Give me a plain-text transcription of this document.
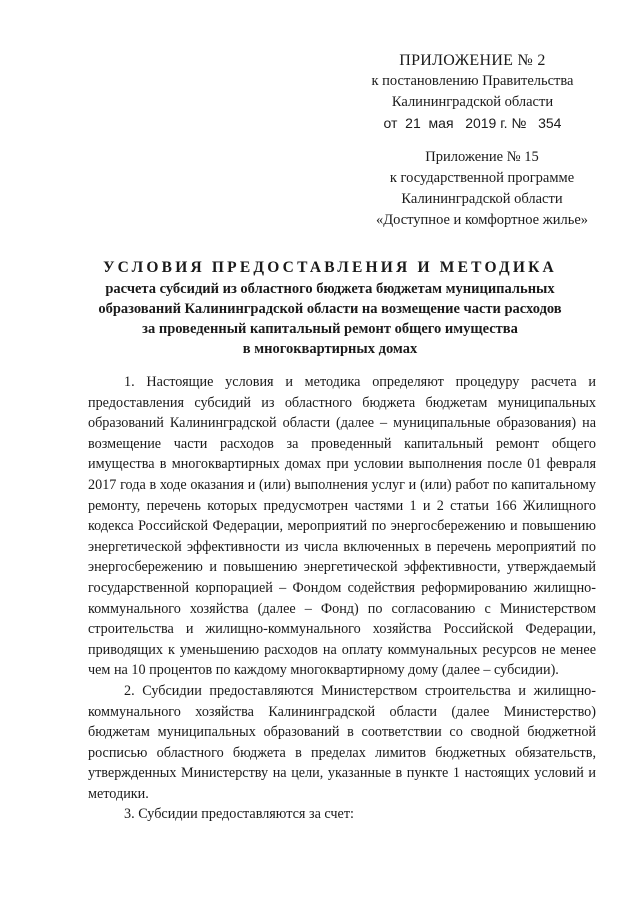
ПРИЛОЖЕНИЕ № 2
к постановлению Правительства
Калининградской области
от  21  мая   2019 г. №   354
Приложение № 15
к государственной программе
Калининградской области
«Доступное и комфортное жилье»
УСЛОВИЯ ПРЕДОСТАВЛЕНИЯ И МЕТОДИКА
расчета субсидий из областного бюджета бюджетам муниципальных
образований Калининградской области на возмещение части расходов
за проведенный капитальный ремонт общего имущества
в многоквартирных домах

1. Настоящие условия и методика определяют процедуру расчета и предоставления субсидий из областного бюджета бюджетам муниципальных образований Калининградской области (далее – муниципальные образования) на возмещение части расходов за проведенный капитальный ремонт общего имущества в многоквартирных домах при условии выполнения после 01 февраля 2017 года в ходе оказания и (или) выполнения услуг и (или) работ по капитальному ремонту, перечень которых предусмотрен частями 1 и 2 статьи 166 Жилищного кодекса Российской Федерации, мероприятий по энергосбережению и повышению энергетической эффективности из числа включенных в перечень мероприятий по энергосбережению и повышению энергетической эффективности, утверждаемый государственной корпорацией – Фондом содействия реформированию жилищно-коммунального хозяйства (далее – Фонд) по согласованию с Министерством строительства и жилищно-коммунального хозяйства Российской Федерации, приводящих к уменьшению расходов на оплату коммунальных ресурсов не менее чем на 10 процентов по каждому многоквартирному дому (далее – субсидии).

2. Субсидии предоставляются Министерством строительства и жилищно-коммунального хозяйства Калининградской области (далее Министерство) бюджетам муниципальных образований в соответствии со сводной бюджетной росписью областного бюджета в пределах лимитов бюджетных обязательств, утвержденных Министерству на цели, указанные в пункте 1 настоящих условий и методики.

3. Субсидии предоставляются за счет:
